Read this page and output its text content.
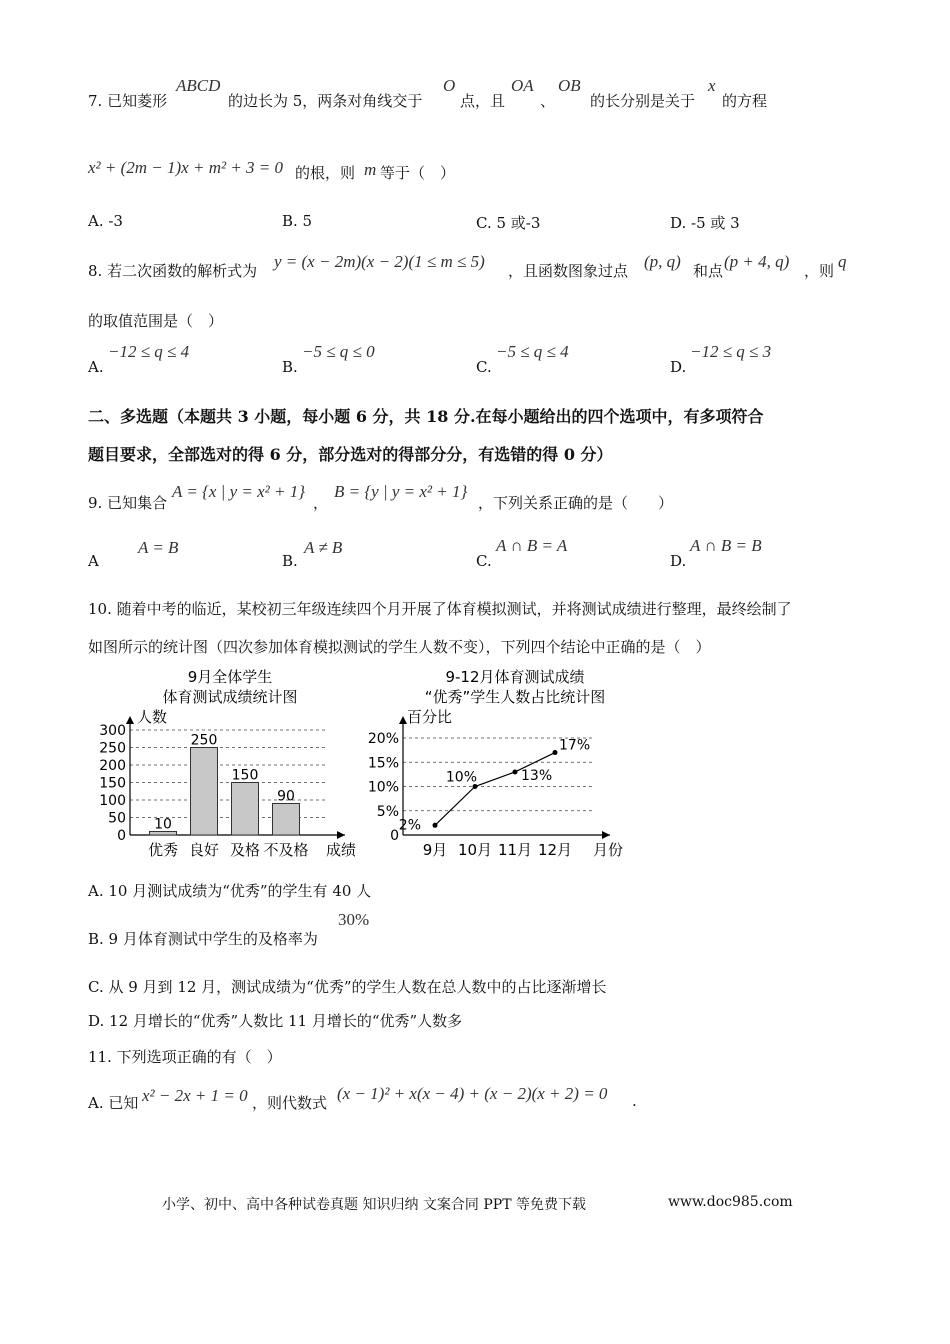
7. 已知菱形
ABCD
的边长为 5，两条对角线交于
O
点，且
OA
、
OB
的长分别是关于
x
的方程
x² + (2m − 1)x + m² + 3 = 0 的根，则 m 等于（　）
A. -3	B. 5	C. 5 或-3	D. -5 或 3
8. 若二次函数的解析式为 y = (x − 2m)(x − 2)(1 ≤ m ≤ 5) ，且函数图象过点 (p, q) 和点 (p + 4, q) ，则 q
的取值范围是（　）
A.
−12 ≤ q ≤ 4
B.
−5 ≤ q ≤ 0
C.
−5 ≤ q ≤ 4
D.
−12 ≤ q ≤ 3
二、多选题（本题共 3 小题，每小题 6 分，共 18 分.在每小题给出的四个选项中，有多项符合
题目要求，全部选对的得 6 分，部分选对的得部分分，有选错的得 0 分）
9. 已知集合
A = {x | y = x² + 1}
，
B = {y | y = x² + 1}
，下列关系正确的是（　　）
A
A = B
B.
A ≠ B
C.
A ∩ B = A
D.
A ∩ B = B
10. 随着中考的临近，某校初三年级连续四个月开展了体育模拟测试，并将测试成绩进行整理，最终绘制了
如图所示的统计图（四次参加体育模拟测试的学生人数不变），下列四个结论中正确的是（　）
9月全体学生
体育测试成绩统计图
人数
成绩
0
50
100
150
200
250
300
10
优秀
250
良好
150
及格
90
不及格
9-12月体育测试成绩
“优秀”学生人数占比统计图
百分比
月份
0
5%
10%
15%
20%
2%
9月
10%
10月
13%
11月
17%
12月
A. 10 月测试成绩为“优秀”的学生有 40 人
B. 9 月体育测试中学生的及格率为
30%
C. 从 9 月到 12 月，测试成绩为“优秀”的学生人数在总人数中的占比逐渐增长
D. 12 月增长的“优秀”人数比 11 月增长的“优秀”人数多
11. 下列选项正确的有（　）
A. 已知 x² − 2x + 1 = 0 ，则代数式 (x − 1)² + x(x − 4) + (x − 2)(x + 2) = 0 .
小学、初中、高中各种试卷真题 知识归纳 文案合同 PPT 等免费下载	www.doc985.com
